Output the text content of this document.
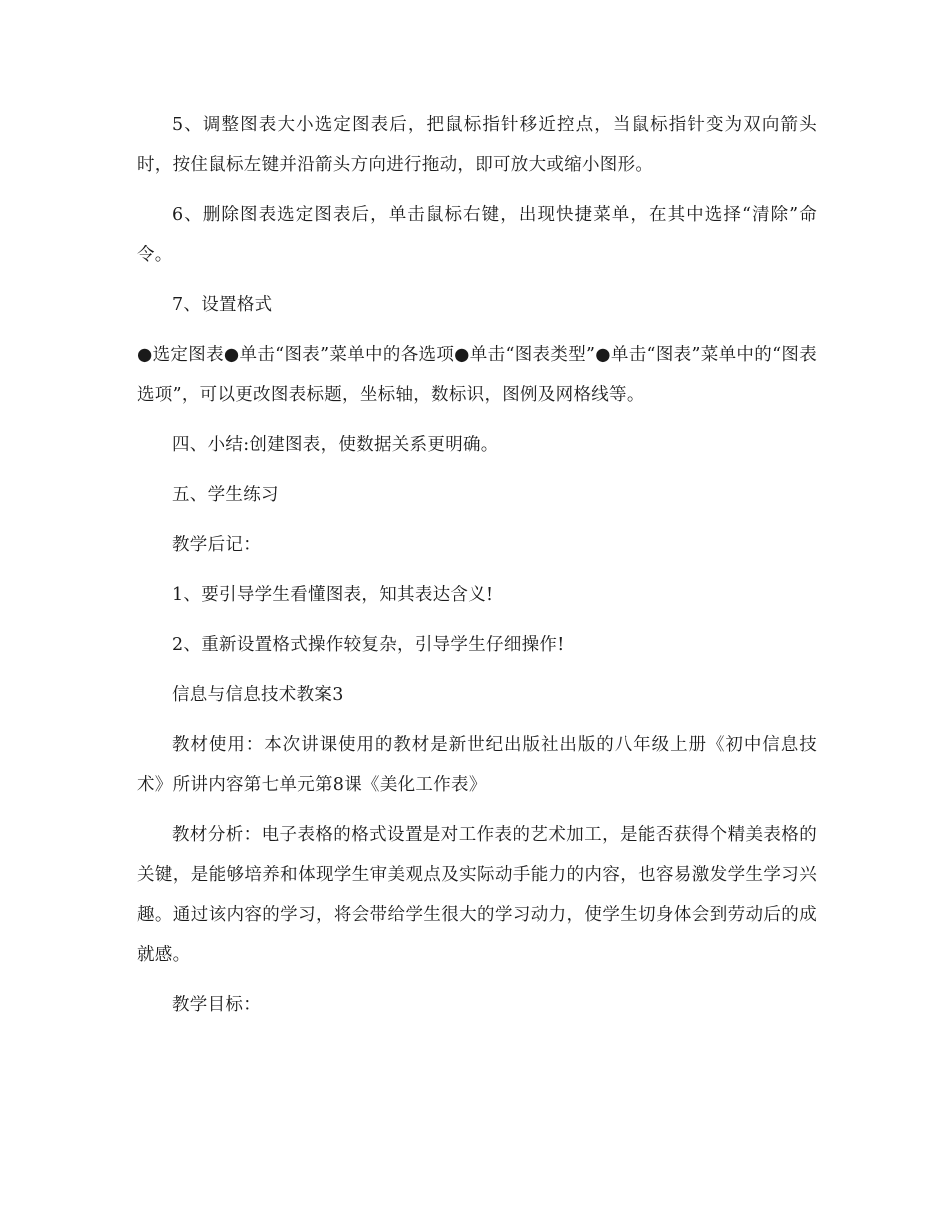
5、调整图表大小选定图表后，把鼠标指针移近控点，当鼠标指针变为双向箭头时，按住鼠标左键并沿箭头方向进行拖动，即可放大或缩小图形。

6、删除图表选定图表后，单击鼠标右键，出现快捷菜单，在其中选择“清除”命令。

7、设置格式

●选定图表●单击“图表”菜单中的各选项●单击“图表类型”●单击“图表”菜单中的“图表选项”，可以更改图表标题，坐标轴，数标识，图例及网格线等。

四、小结:创建图表，使数据关系更明确。

五、学生练习

教学后记：

1、要引导学生看懂图表，知其表达含义!

2、重新设置格式操作较复杂，引导学生仔细操作!

信息与信息技术教案3

教材使用：本次讲课使用的教材是新世纪出版社出版的八年级上册《初中信息技术》所讲内容第七单元第8课《美化工作表》

教材分析：电子表格的格式设置是对工作表的艺术加工，是能否获得个精美表格的关键，是能够培养和体现学生审美观点及实际动手能力的内容，也容易激发学生学习兴趣。通过该内容的学习，将会带给学生很大的学习动力，使学生切身体会到劳动后的成就感。

教学目标：
